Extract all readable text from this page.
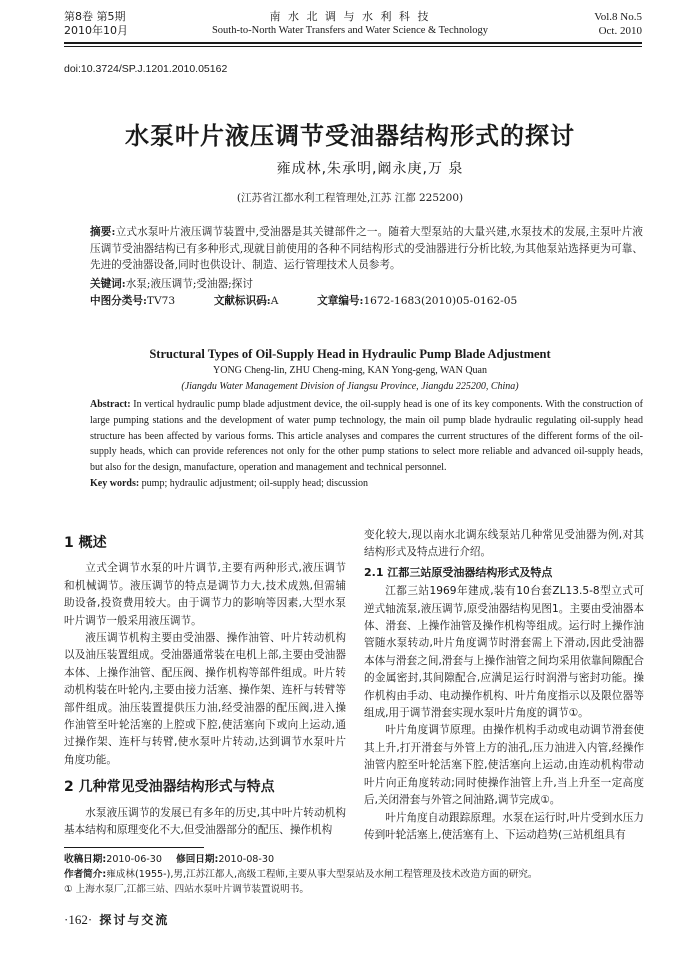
第8卷 第5期
2010年10月
南 水 北 调 与 水 利 科 技
South-to-North Water Transfers and Water Science & Technology
Vol.8 No.5
Oct. 2010
doi:10.3724/SP.J.1201.2010.05162
水泵叶片液压调节受油器结构形式的探讨
雍成林,朱承明,阚永庚,万 泉
(江苏省江都水利工程管理处,江苏 江都 225200)
摘要:立式水泵叶片液压调节装置中,受油器是其关键部件之一。随着大型泵站的大量兴建,水泵技术的发展,主泵叶片液压调节受油器结构已有多种形式,现就目前使用的各种不同结构形式的受油器进行分析比较,为其他泵站选择更为可靠、先进的受油器设备,同时也供设计、制造、运行管理技术人员参考。
关键词:水泵;液压调节;受油器;探讨
中图分类号:TV73	文献标识码:A	文章编号:1672-1683(2010)05-0162-05
Structural Types of Oil-Supply Head in Hydraulic Pump Blade Adjustment
YONG Cheng-lin, ZHU Cheng-ming, KAN Yong-geng, WAN Quan
(Jiangdu Water Management Division of Jiangsu Province, Jiangdu 225200, China)
Abstract: In vertical hydraulic pump blade adjustment device, the oil-supply head is one of its key components. With the construction of large pumping stations and the development of water pump technology, the main oil pump blade hydraulic regulating oil-supply head structure has been affected by various forms. This article analyses and compares the current structures of the different forms of the oil-supply heads, which can provide references not only for the other pump stations to select more reliable and advanced oil-supply heads, but also for the design, manufacture, operation and management and technical personnel.
Key words: pump; hydraulic adjustment; oil-supply head; discussion
1 概述

立式全调节水泵的叶片调节,主要有两种形式,液压调节和机械调节。液压调节的特点是调节力大,技术成熟,但需辅助设备,投资费用较大。由于调节力的影响等因素,大型水泵叶片调节一般采用液压调节。

液压调节机构主要由受油器、操作油管、叶片转动机构以及油压装置组成。受油器通常装在电机上部,主要由受油器本体、上操作油管、配压阀、操作机构等部件组成。叶片转动机构装在叶轮内,主要由接力活塞、操作架、连杆与转臂等部件组成。油压装置提供压力油,经受油器的配压阀,进入操作油管至叶轮活塞的上腔或下腔,使活塞向下或向上运动,通过操作架、连杆与转臂,使水泵叶片转动,达到调节水泵叶片角度功能。

2 几种常见受油器结构形式与特点

水泵液压调节的发展已有多年的历史,其中叶片转动机构基本结构和原理变化不大,但受油器部分的配压、操作机构

变化较大,现以南水北调东线泵站几种常见受油器为例,对其结构形式及特点进行介绍。

2.1 江都三站原受油器结构形式及特点

江都三站1969年建成,装有10台套ZL13.5-8型立式可逆式轴流泵,液压调节,原受油器结构见图1。主要由受油器本体、滑套、上操作油管及操作机构等组成。运行时上操作油管随水泵转动,叶片角度调节时滑套需上下滑动,因此受油器本体与滑套之间,滑套与上操作油管之间均采用依靠间隙配合的金属密封,其间隙配合,应满足运行时润滑与密封功能。操作机构由手动、电动操作机构、叶片角度指示以及限位器等组成,用于调节滑套实现水泵叶片角度的调节①。

叶片角度调节原理。由操作机构手动或电动调节滑套使其上升,打开滑套与外管上方的油孔,压力油进入内管,经操作油管内腔至叶轮活塞下腔,使活塞向上运动,由连动机构带动叶片向正角度转动;同时使操作油管上升,当上升至一定高度后,关闭滑套与外管之间油路,调节完成①。

叶片角度自动跟踪原理。水泵在运行时,叶片受到水压力传到叶轮活塞上,使活塞有上、下运动趋势(三站机组具有

收稿日期:2010-06-30 修回日期:2010-08-30
作者简介:雍成林(1955-),男,江苏江都人,高级工程师,主要从事大型泵站及水闸工程管理及技术改造方面的研究。
① 上海水泵厂,江都三站、四站水泵叶片调节装置说明书。
·162· 探讨与交流
